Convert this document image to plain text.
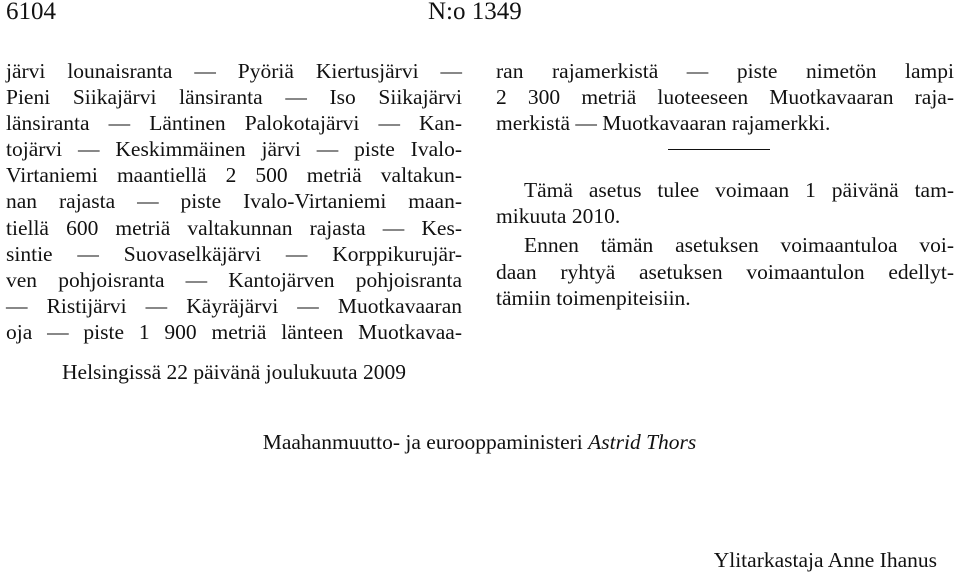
6104	N:o 1349
järvi lounaisranta — Pyöriä Kiertusjärvi —
Pieni Siikajärvi länsiranta — Iso Siikajärvi
länsiranta — Läntinen Palokotajärvi — Kan-
tojärvi — Keskimmäinen järvi — piste Ivalo-
Virtaniemi maantiellä 2 500 metriä valtakun-
nan rajasta — piste Ivalo-Virtaniemi maan-
tiellä 600 metriä valtakunnan rajasta — Kes-
sintie — Suovaselkäjärvi — Korppikurujär-
ven pohjoisranta — Kantojärven pohjoisranta
— Ristijärvi — Käyräjärvi — Muotkavaaran
oja — piste 1 900 metriä länteen Muotkavaa-
ran rajamerkistä — piste nimetön lampi
2 300 metriä luoteeseen Muotkavaaran raja-
merkistä — Muotkavaaran rajamerkki.
Tämä asetus tulee voimaan 1 päivänä tam-
mikuuta 2010.
Ennen tämän asetuksen voimaantuloa voi-
daan ryhtyä asetuksen voimaantulon edellyt-
tämiin toimenpiteisiin.
Helsingissä 22 päivänä joulukuuta 2009
Maahanmuutto- ja eurooppaministeri Astrid Thors
Ylitarkastaja Anne Ihanus
